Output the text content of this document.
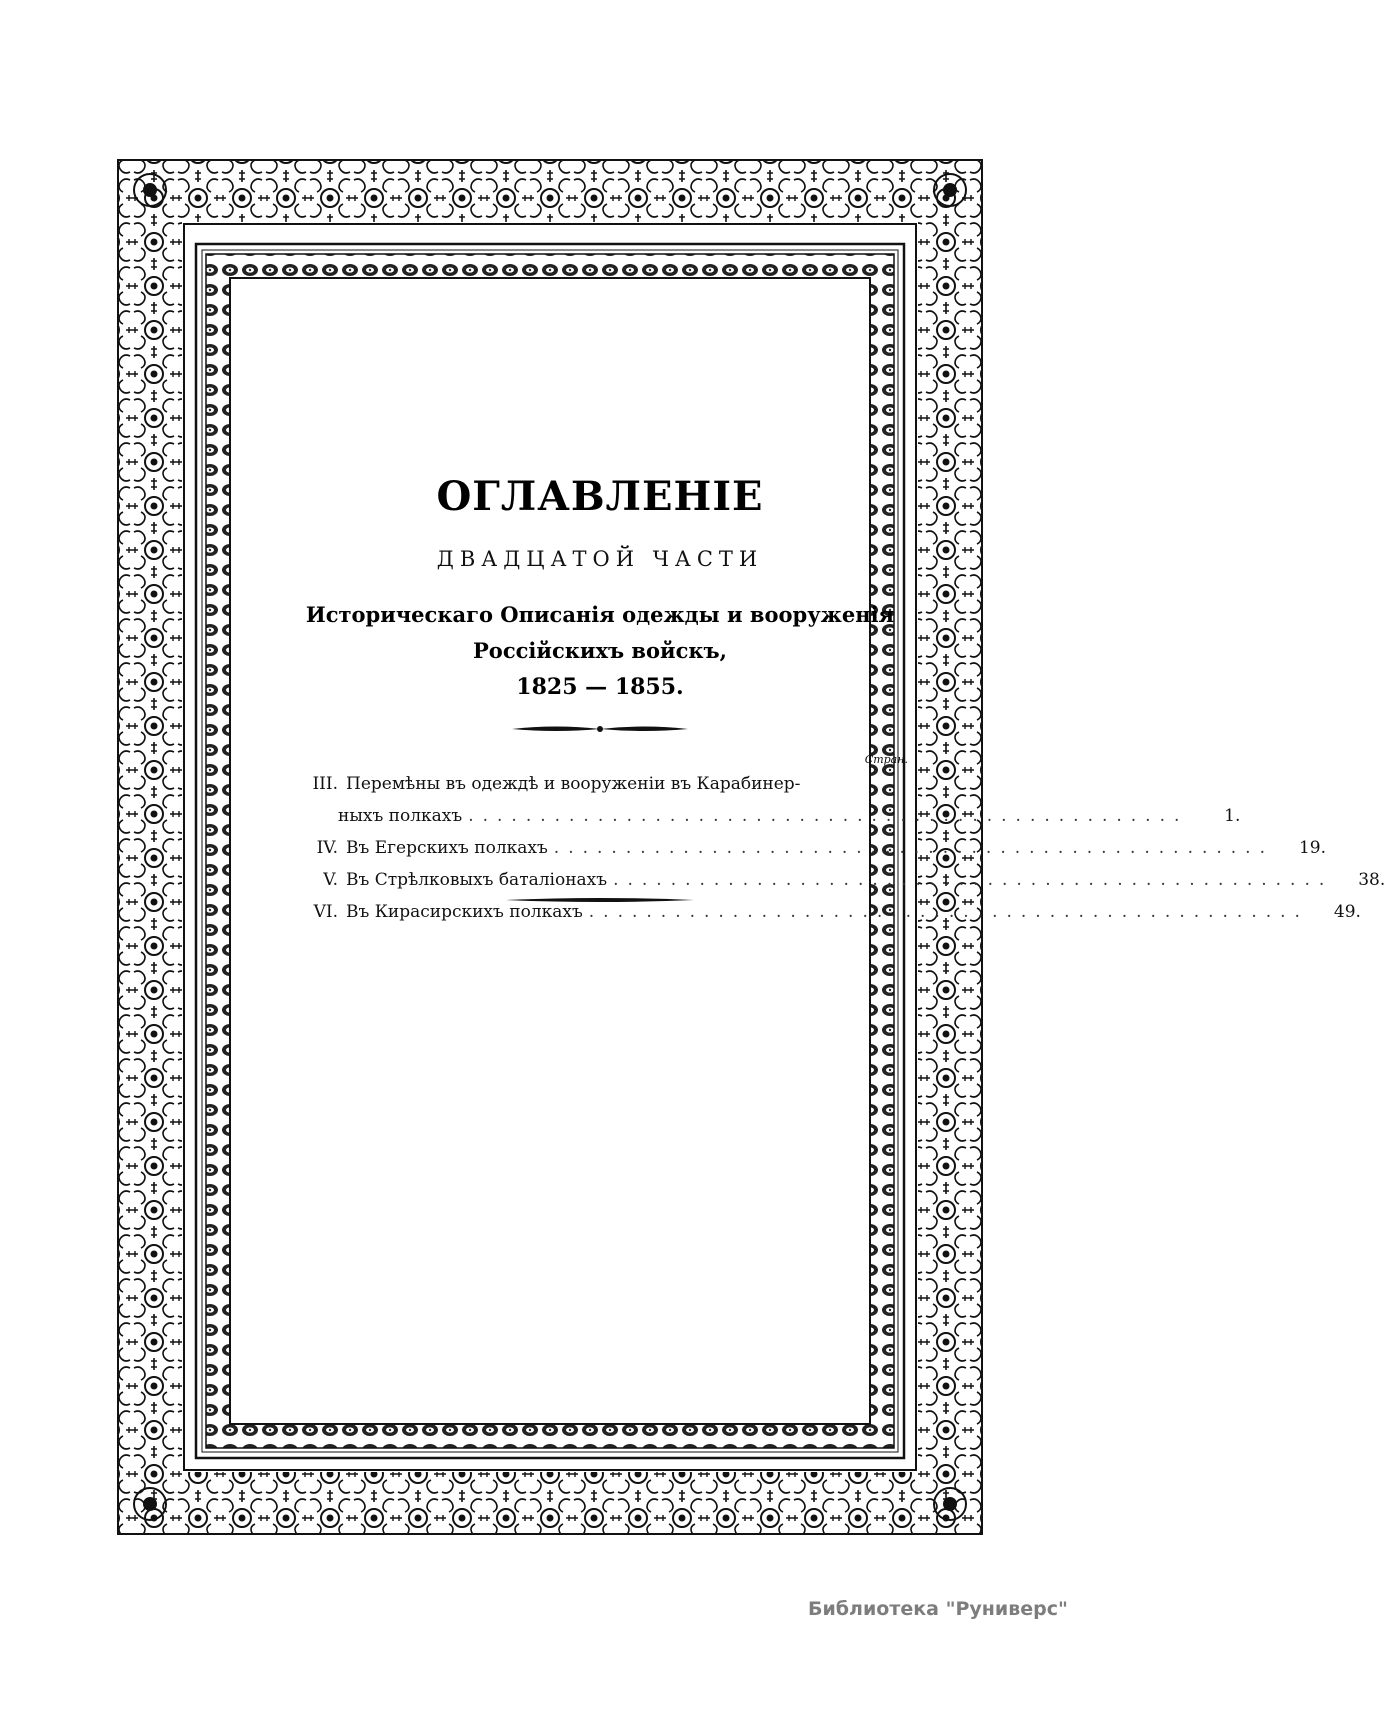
ОГЛАВЛЕНІЕ
ДВАДЦАТОЙ ЧАСТИ
Историческаго Описанія одежды и вооруженія
Россійскихъ войскъ,
1825 — 1855.
Стран.
III. Перемѣны въ одеждѣ и вооруженіи въ Карабинер-
ныхъ полкахъ ..................................................	1.
IV. Въ Егерскихъ полкахъ ..................................................	19.
V. Въ Стрѣлковыхъ баталіонахъ ..................................................	38.
VI. Въ Кирасирскихъ полкахъ ..................................................	49.
Библиотека "Руниверс"
